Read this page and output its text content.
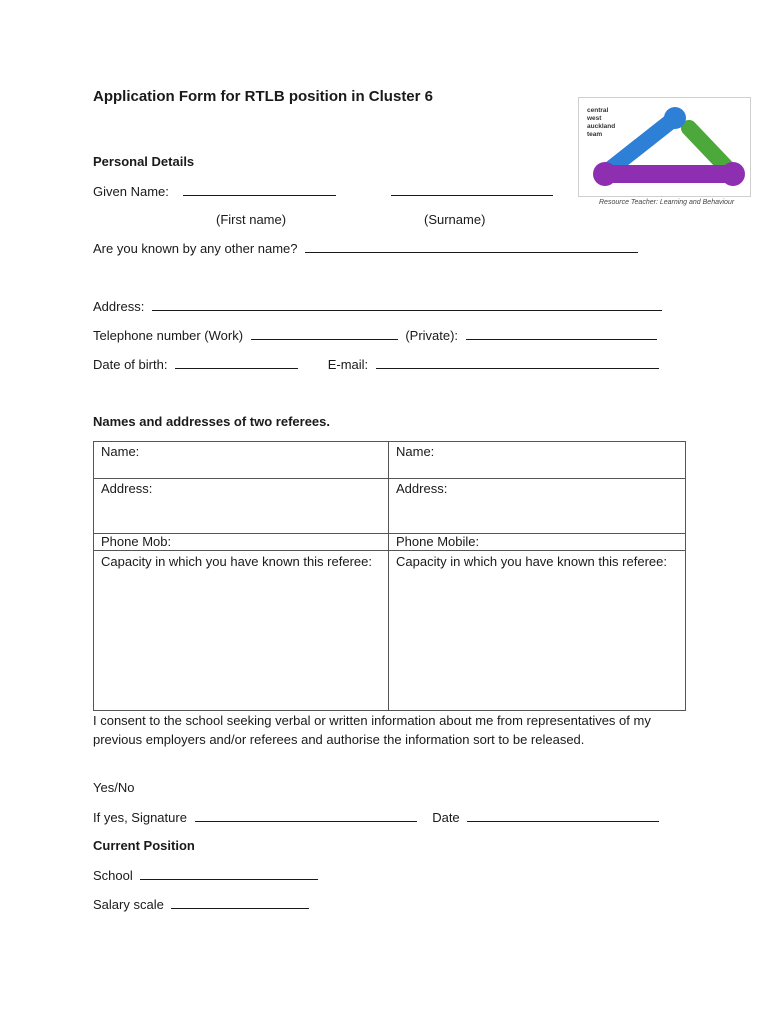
Application Form for RTLB position in Cluster 6
central
west
auckland
team
Resource Teacher: Learning and Behaviour
Personal Details
Given Name:
(First name)	(Surname)
Are you known by any other name?
Address:
Telephone number (Work)	(Private):
Date of birth:	E-mail:
Names and addresses of two referees.
Name:	Name:
Address:	Address:
Phone Mob:	Phone Mobile:
Capacity in which you have known this referee:	Capacity in which you have known this referee:
I consent to the school seeking verbal or written information about me from representatives of my previous employers and/or referees and authorise the information sort to be released.
Yes/No
If yes, Signature	Date
Current Position
School
Salary scale
